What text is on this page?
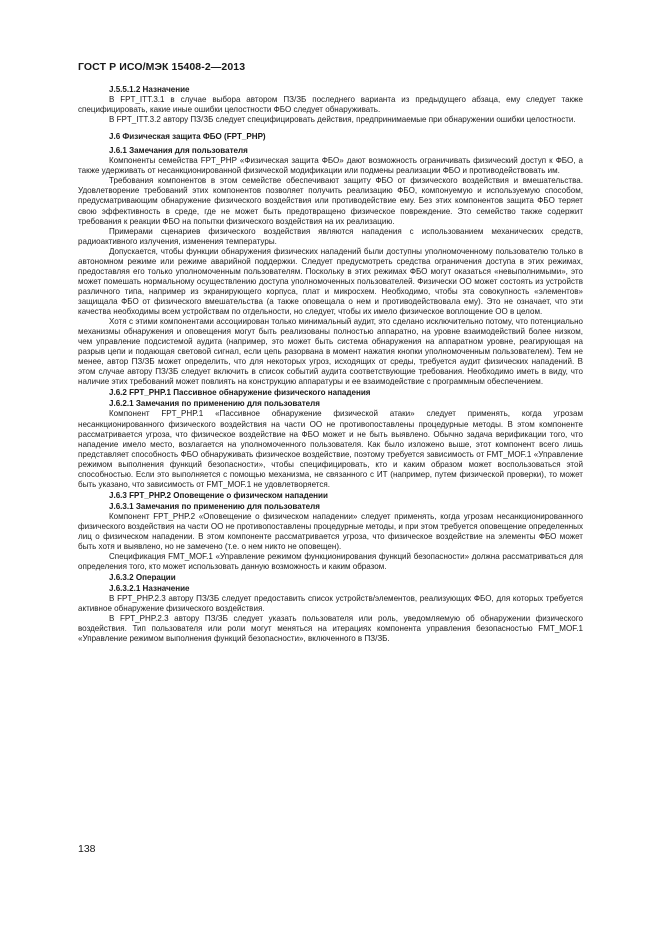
ГОСТ Р ИСО/МЭК 15408-2—2013
J.5.5.1.2 Назначение

В FPT_ITT.3.1 в случае выбора автором ПЗ/ЗБ последнего варианта из предыдущего абзаца, ему следует также специфицировать, какие иные ошибки целостности ФБО следует обнаруживать.

В FPT_ITT.3.2 автору ПЗ/ЗБ следует специфицировать действия, предпринимаемые при обнаружении ошибки целостности.

J.6 Физическая защита ФБО (FPT_PHP)
J.6.1 Замечания для пользователя

Компоненты семейства FPT_PHP «Физическая защита ФБО» дают возможность ограничивать физический доступ к ФБО, а также удерживать от несанкционированной физической модификации или подмены реализации ФБО и противодействовать им.

Требования компонентов в этом семействе обеспечивают защиту ФБО от физического воздействия и вмешательства. Удовлетворение требований этих компонентов позволяет получить реализацию ФБО, компонуемую и используемую способом, предусматривающим обнаружение физического воздействия или противодействие ему. Без этих компонентов защита ФБО теряет свою эффективность в среде, где не может быть предотвращено физическое повреждение. Это семейство также содержит требования к реакции ФБО на попытки физического воздействия на их реализацию.

Примерами сценариев физического воздействия являются нападения с использованием механических средств, радиоактивного излучения, изменения температуры.

Допускается, чтобы функции обнаружения физических нападений были доступны уполномоченному пользователю только в автономном режиме или режиме аварийной поддержки. Следует предусмотреть средства ограничения доступа в этих режимах, предоставляя его только уполномоченным пользователям. Поскольку в этих режимах ФБО могут оказаться «невыполнимыми», это может помешать нормальному осуществлению доступа уполномоченных пользователей. Физически ОО может состоять из устройств различного типа, например из экранирующего корпуса, плат и микросхем. Необходимо, чтобы эта совокупность «элементов» защищала ФБО от физического вмешательства (а также оповещала о нем и противодействовала ему). Это не означает, что эти качества необходимы всем устройствам по отдельности, но следует, чтобы их имело физическое воплощение ОО в целом.

Хотя с этими компонентами ассоциирован только минимальный аудит, это сделано исключительно потому, что потенциально механизмы обнаружения и оповещения могут быть реализованы полностью аппаратно, на уровне взаимодействий более низком, чем управление подсистемой аудита (например, это может быть система обнаружения на аппаратном уровне, реагирующая на разрыв цепи и подающая световой сигнал, если цепь разорвана в момент нажатия кнопки уполномоченным пользователем). Тем не менее, автор ПЗ/ЗБ может определить, что для некоторых угроз, исходящих от среды, требуется аудит физических нападений. В этом случае автору ПЗ/ЗБ следует включить в список событий аудита соответствующие требования. Необходимо иметь в виду, что наличие этих требований может повлиять на конструкцию аппаратуры и ее взаимодействие с программным обеспечением.

J.6.2 FPT_PHP.1 Пассивное обнаружение физического нападения
J.6.2.1 Замечания по применению для пользователя

Компонент FPT_PHP.1 «Пассивное обнаружение физической атаки» следует применять, когда угрозам несанкционированного физического воздействия на части ОО не противопоставлены процедурные методы. В этом компоненте рассматривается угроза, что физическое воздействие на ФБО может и не быть выявлено. Обычно задача верификации того, что нападение имело место, возлагается на уполномоченного пользователя. Как было изложено выше, этот компонент всего лишь представляет способность ФБО обнаруживать физическое воздействие, поэтому требуется зависимость от FMT_MOF.1 «Управление режимом выполнения функций безопасности», чтобы специфицировать, кто и каким образом может воспользоваться этой способностью. Если это выполняется с помощью механизма, не связанного с ИТ (например, путем физической проверки), то может быть указано, что зависимость от FMT_MOF.1 не удовлетворяется.

J.6.3 FPT_PHP.2 Оповещение о физическом нападении
J.6.3.1 Замечания по применению для пользователя

Компонент FPT_PHP.2 «Оповещение о физическом нападении» следует применять, когда угрозам несанкционированного физического воздействия на части ОО не противопоставлены процедурные методы, и при этом требуется оповещение определенных лиц о физическом нападении. В этом компоненте рассматривается угроза, что физическое воздействие на элементы ФБО может быть хотя и выявлено, но не замечено (т.е. о нем никто не оповещен).

Спецификация FMT_MOF.1 «Управление режимом функционирования функций безопасности» должна рассматриваться для определения того, кто может использовать данную возможность и каким образом.

J.6.3.2 Операции
J.6.3.2.1 Назначение

В FPT_PHP.2.3 автору ПЗ/ЗБ следует предоставить список устройств/элементов, реализующих ФБО, для которых требуется активное обнаружение физического воздействия.

В FPT_PHP.2.3 автору ПЗ/ЗБ следует указать пользователя или роль, уведомляемую об обнаружении физического воздействия. Тип пользователя или роли могут меняться на итерациях компонента управления безопасностью FMT_MOF.1 «Управление режимом выполнения функций безопасности», включенного в ПЗ/ЗБ.

138
